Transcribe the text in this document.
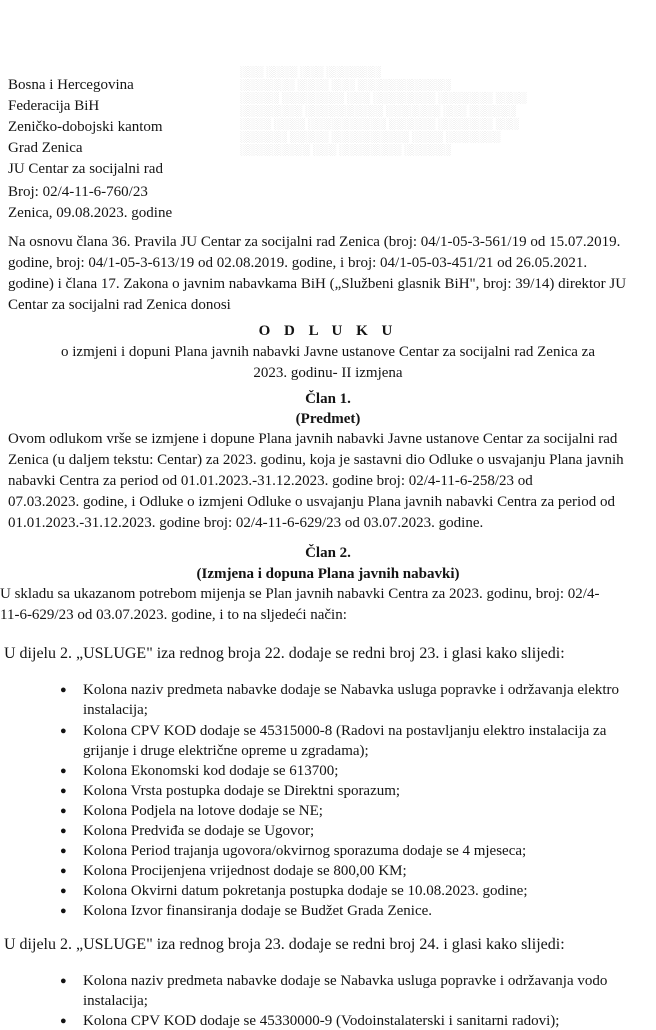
░░░ ░░░░ ░░░ ░░░░░░░
░░░░░░░ ░░░░ ░░░ ░░░░░░░░░░░░
░░░░░ ░░░░░░░░ ░░░ ░░░░░░░░ ░░░░░░░ ░░░░
░░░░░░░░ ░░░░░░░░░░ ░░░░░░░ ░░░ ░░░░░░
░░░░ ░░░░ ░░░░░░░░░░ ░░░░░░ ░░░░░░░ ░░░
░░░░░░ ░░░░░ ░░░░░░░░░░ ░░░░ ░░░░░░░
░░░░░░░░░ ░░░ ░░░░░░░░ ░░░░░░
Bosna i Hercegovina
Federacija BiH
Zeničko-dobojski kantom
Grad Zenica
JU Centar za socijalni rad
Broj: 02/4-11-6-760/23
Zenica, 09.08.2023. godine
Na osnovu člana 36. Pravila JU Centar za socijalni rad Zenica (broj: 04/1-05-3-561/19 od 15.07.2019.
godine, broj: 04/1-05-3-613/19 od 02.08.2019. godine, i broj: 04/1-05-03-451/21 od 26.05.2021.
godine) i člana 17. Zakona o javnim nabavkama BiH („Službeni glasnik BiH", broj: 39/14) direktor JU
Centar za socijalni rad Zenica donosi
O D L U K U
o izmjeni i dopuni Plana javnih nabavki Javne ustanove Centar za socijalni rad Zenica za
2023. godinu- II izmjena
Član 1.
(Predmet)
Ovom odlukom vrše se izmjene i dopune Plana javnih nabavki Javne ustanove Centar za socijalni rad
Zenica (u daljem tekstu: Centar) za 2023. godinu, koja je sastavni dio Odluke o usvajanju Plana javnih
nabavki Centra za period od 01.01.2023.-31.12.2023. godine broj: 02/4-11-6-258/23 od
07.03.2023. godine, i Odluke o izmjeni Odluke o usvajanju Plana javnih nabavki Centra za period od
01.01.2023.-31.12.2023. godine broj: 02/4-11-6-629/23 od 03.07.2023. godine.
Član 2.
(Izmjena i dopuna Plana javnih nabavki)
U skladu sa ukazanom potrebom mijenja se Plan javnih nabavki Centra za 2023. godinu, broj: 02/4-
11-6-629/23 od 03.07.2023. godine, i to na sljedeći način:
U dijelu 2. „USLUGE" iza rednog broja 22. dodaje se redni broj 23. i glasi kako slijedi:
● Kolona naziv predmeta nabavke dodaje se Nabavka usluga popravke i održavanja elektro
instalacija;
● Kolona CPV KOD dodaje se 45315000-8 (Radovi na postavljanju elektro instalacija za
grijanje i druge električne opreme u zgradama);
● Kolona Ekonomski kod dodaje se 613700;
● Kolona Vrsta postupka dodaje se Direktni sporazum;
● Kolona Podjela na lotove dodaje se NE;
● Kolona Predviđa se dodaje se Ugovor;
● Kolona Period trajanja ugovora/okvirnog sporazuma dodaje se 4 mjeseca;
● Kolona Procijenjena vrijednost dodaje se 800,00 KM;
● Kolona Okvirni datum pokretanja postupka dodaje se 10.08.2023. godine;
● Kolona Izvor finansiranja dodaje se Budžet Grada Zenice.
U dijelu 2. „USLUGE" iza rednog broja 23. dodaje se redni broj 24. i glasi kako slijedi:
● Kolona naziv predmeta nabavke dodaje se Nabavka usluga popravke i održavanja vodo
instalacija;
● Kolona CPV KOD dodaje se 45330000-9 (Vodoinstalaterski i sanitarni radovi);
